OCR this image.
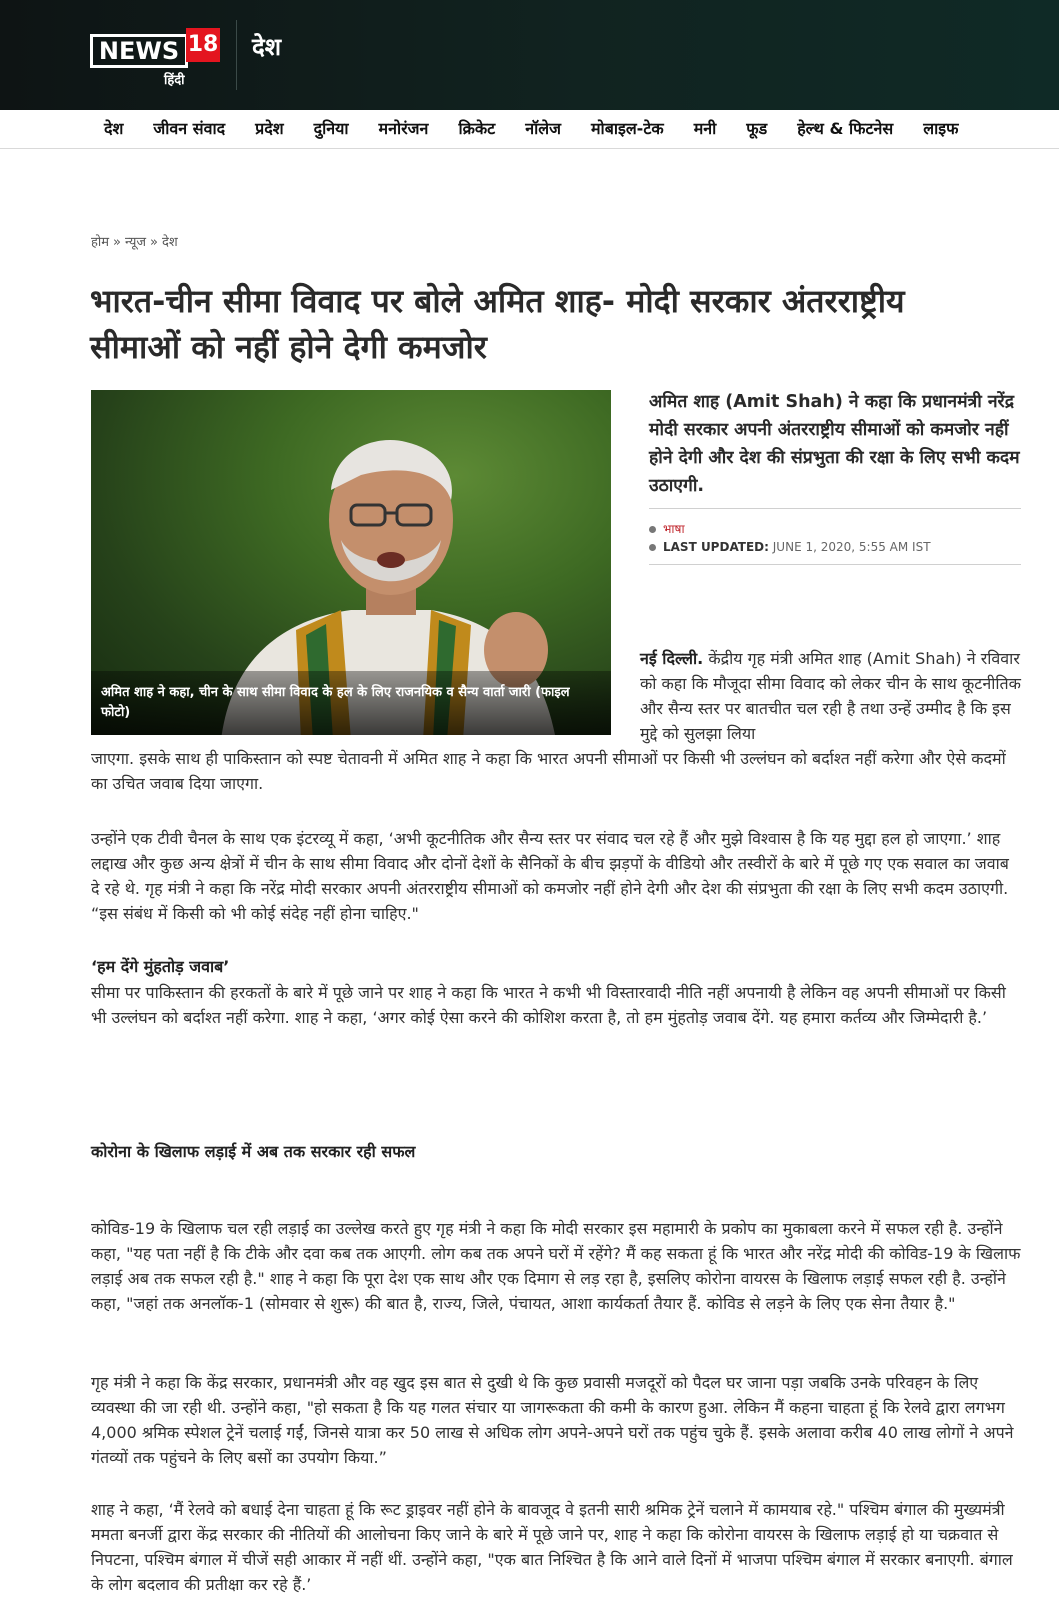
NEWS 18
हिंदी
देश
देश जीवन संवाद प्रदेश दुनिया मनोरंजन क्रिकेट नॉलेज मोबाइल-टेक मनी फूड हेल्थ & फिटनेस लाइफ
होम » न्यूज » देश
भारत-चीन सीमा विवाद पर बोले अमित शाह- मोदी सरकार अंतरराष्ट्रीय सीमाओं को नहीं होने देगी कमजोर
अमित शाह ने कहा, चीन के साथ सीमा विवाद के हल के लिए राजनयिक व सैन्य वार्ता जारी (फाइल फोटो)

अमित शाह (Amit Shah) ने कहा कि प्रधानमंत्री नरेंद्र मोदी सरकार अपनी अंतरराष्ट्रीय सीमाओं को कमजोर नहीं होने देगी और देश की संप्रभुता की रक्षा के लिए सभी कदम उठाएगी.

भाषा
LAST UPDATED: JUNE 1, 2020, 5:55 AM IST

नई दिल्ली. केंद्रीय गृह मंत्री अमित शाह (Amit Shah) ने रविवार को कहा कि मौजूदा सीमा विवाद को लेकर चीन के साथ कूटनीतिक और सैन्य स्तर पर बातचीत चल रही है तथा उन्हें उम्मीद है कि इस मुद्दे को सुलझा लिया

जाएगा. इसके साथ ही पाकिस्तान को स्पष्ट चेतावनी में अमित शाह ने कहा कि भारत अपनी सीमाओं पर किसी भी उल्लंघन को बर्दाश्त नहीं करेगा और ऐसे कदमों का उचित जवाब दिया जाएगा.

उन्होंने एक टीवी चैनल के साथ एक इंटरव्यू में कहा, ‘अभी कूटनीतिक और सैन्य स्तर पर संवाद चल रहे हैं और मुझे विश्वास है कि यह मुद्दा हल हो जाएगा.’ शाह लद्दाख और कुछ अन्य क्षेत्रों में चीन के साथ सीमा विवाद और दोनों देशों के सैनिकों के बीच झड़पों के वीडियो और तस्वीरों के बारे में पूछे गए एक सवाल का जवाब दे रहे थे. गृह मंत्री ने कहा कि नरेंद्र मोदी सरकार अपनी अंतरराष्ट्रीय सीमाओं को कमजोर नहीं होने देगी और देश की संप्रभुता की रक्षा के लिए सभी कदम उठाएगी. “इस संबंध में किसी को भी कोई संदेह नहीं होना चाहिए."

‘हम देंगे मुंहतोड़ जवाब’

सीमा पर पाकिस्तान की हरकतों के बारे में पूछे जाने पर शाह ने कहा कि भारत ने कभी भी विस्तारवादी नीति नहीं अपनायी है लेकिन वह अपनी सीमाओं पर किसी भी उल्लंघन को बर्दाश्त नहीं करेगा. शाह ने कहा, ‘अगर कोई ऐसा करने की कोशिश करता है, तो हम मुंहतोड़ जवाब देंगे. यह हमारा कर्तव्य और जिम्मेदारी है.’

कोरोना के खिलाफ लड़ाई में अब तक सरकार रही सफल

कोविड-19 के खिलाफ चल रही लड़ाई का उल्लेख करते हुए गृह मंत्री ने कहा कि मोदी सरकार इस महामारी के प्रकोप का मुकाबला करने में सफल रही है. उन्होंने कहा, "यह पता नहीं है कि टीके और दवा कब तक आएगी. लोग कब तक अपने घरों में रहेंगे? मैं कह सकता हूं कि भारत और नरेंद्र मोदी की कोविड-19 के खिलाफ लड़ाई अब तक सफल रही है." शाह ने कहा कि पूरा देश एक साथ और एक दिमाग से लड़ रहा है, इसलिए कोरोना वायरस के खिलाफ लड़ाई सफल रही है. उन्होंने कहा, "जहां तक अनलॉक-1 (सोमवार से शुरू) की बात है, राज्य, जिले, पंचायत, आशा कार्यकर्ता तैयार हैं. कोविड से लड़ने के लिए एक सेना तैयार है."

गृह मंत्री ने कहा कि केंद्र सरकार, प्रधानमंत्री और वह खुद इस बात से दुखी थे कि कुछ प्रवासी मजदूरों को पैदल घर जाना पड़ा जबकि उनके परिवहन के लिए व्यवस्था की जा रही थी. उन्होंने कहा, "हो सकता है कि यह गलत संचार या जागरूकता की कमी के कारण हुआ. लेकिन मैं कहना चाहता हूं कि रेलवे द्वारा लगभग 4,000 श्रमिक स्पेशल ट्रेनें चलाई गईं, जिनसे यात्रा कर 50 लाख से अधिक लोग अपने-अपने घरों तक पहुंच चुके हैं. इसके अलावा करीब 40 लाख लोगों ने अपने गंतव्यों तक पहुंचने के लिए बसों का उपयोग किया.”

शाह ने कहा, ‘मैं रेलवे को बधाई देना चाहता हूं कि रूट ड्राइवर नहीं होने के बावजूद वे इतनी सारी श्रमिक ट्रेनें चलाने में कामयाब रहे." पश्चिम बंगाल की मुख्यमंत्री ममता बनर्जी द्वारा केंद्र सरकार की नीतियों की आलोचना किए जाने के बारे में पूछे जाने पर, शाह ने कहा कि कोरोना वायरस के खिलाफ लड़ाई हो या चक्रवात से निपटना, पश्चिम बंगाल में चीजें सही आकार में नहीं थीं. उन्होंने कहा, "एक बात निश्चित है कि आने वाले दिनों में भाजपा पश्चिम बंगाल में सरकार बनाएगी. बंगाल के लोग बदलाव की प्रतीक्षा कर रहे हैं.’
